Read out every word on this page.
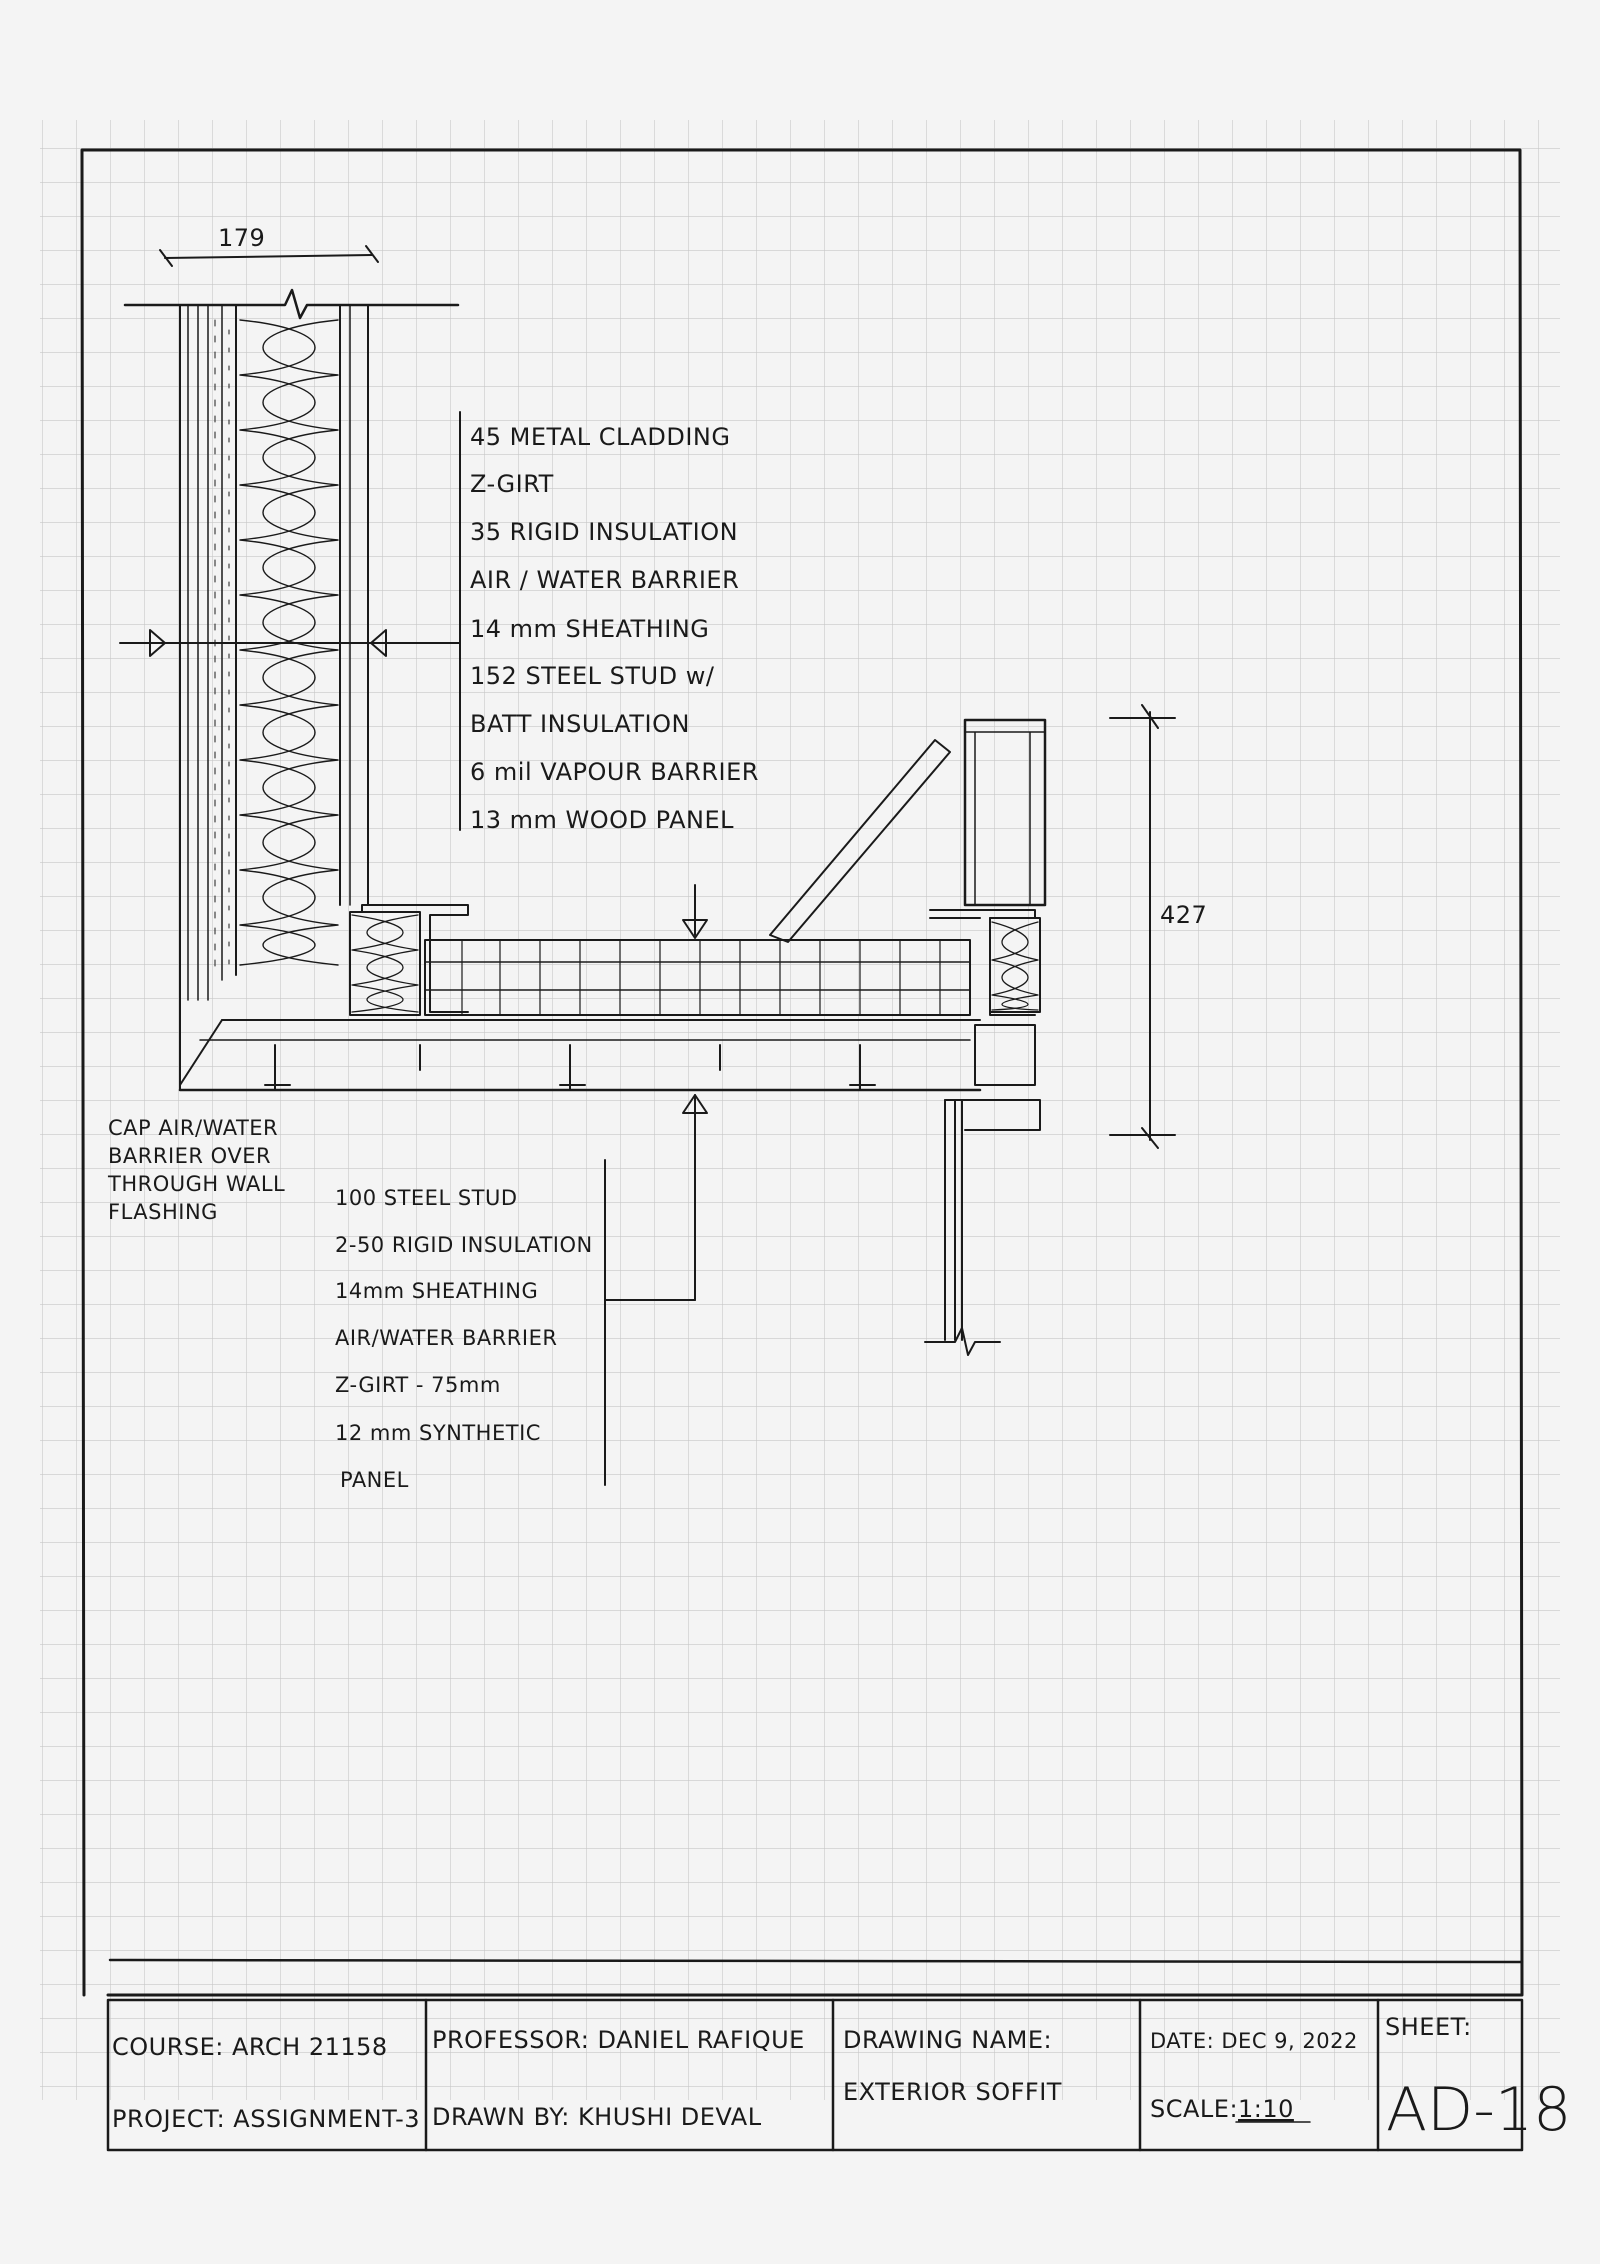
179
427
45 METAL CLADDING
Z-GIRT
35 RIGID INSULATION
AIR / WATER BARRIER
14 mm SHEATHING
152 STEEL STUD w/
BATT INSULATION
6 mil VAPOUR BARRIER
13 mm WOOD PANEL
CAP AIR/WATER
BARRIER OVER
THROUGH WALL
FLASHING
100 STEEL STUD
2-50 RIGID INSULATION
14mm SHEATHING
AIR/WATER BARRIER
Z-GIRT - 75mm
12 mm SYNTHETIC
PANEL
COURSE: ARCH 21158
PROJECT: ASSIGNMENT-3
PROFESSOR: DANIEL RAFIQUE
DRAWN BY: KHUSHI DEVAL
DRAWING NAME:
EXTERIOR SOFFIT
DATE: DEC 9, 2022
SCALE: 1:10
SHEET:
AD-18
